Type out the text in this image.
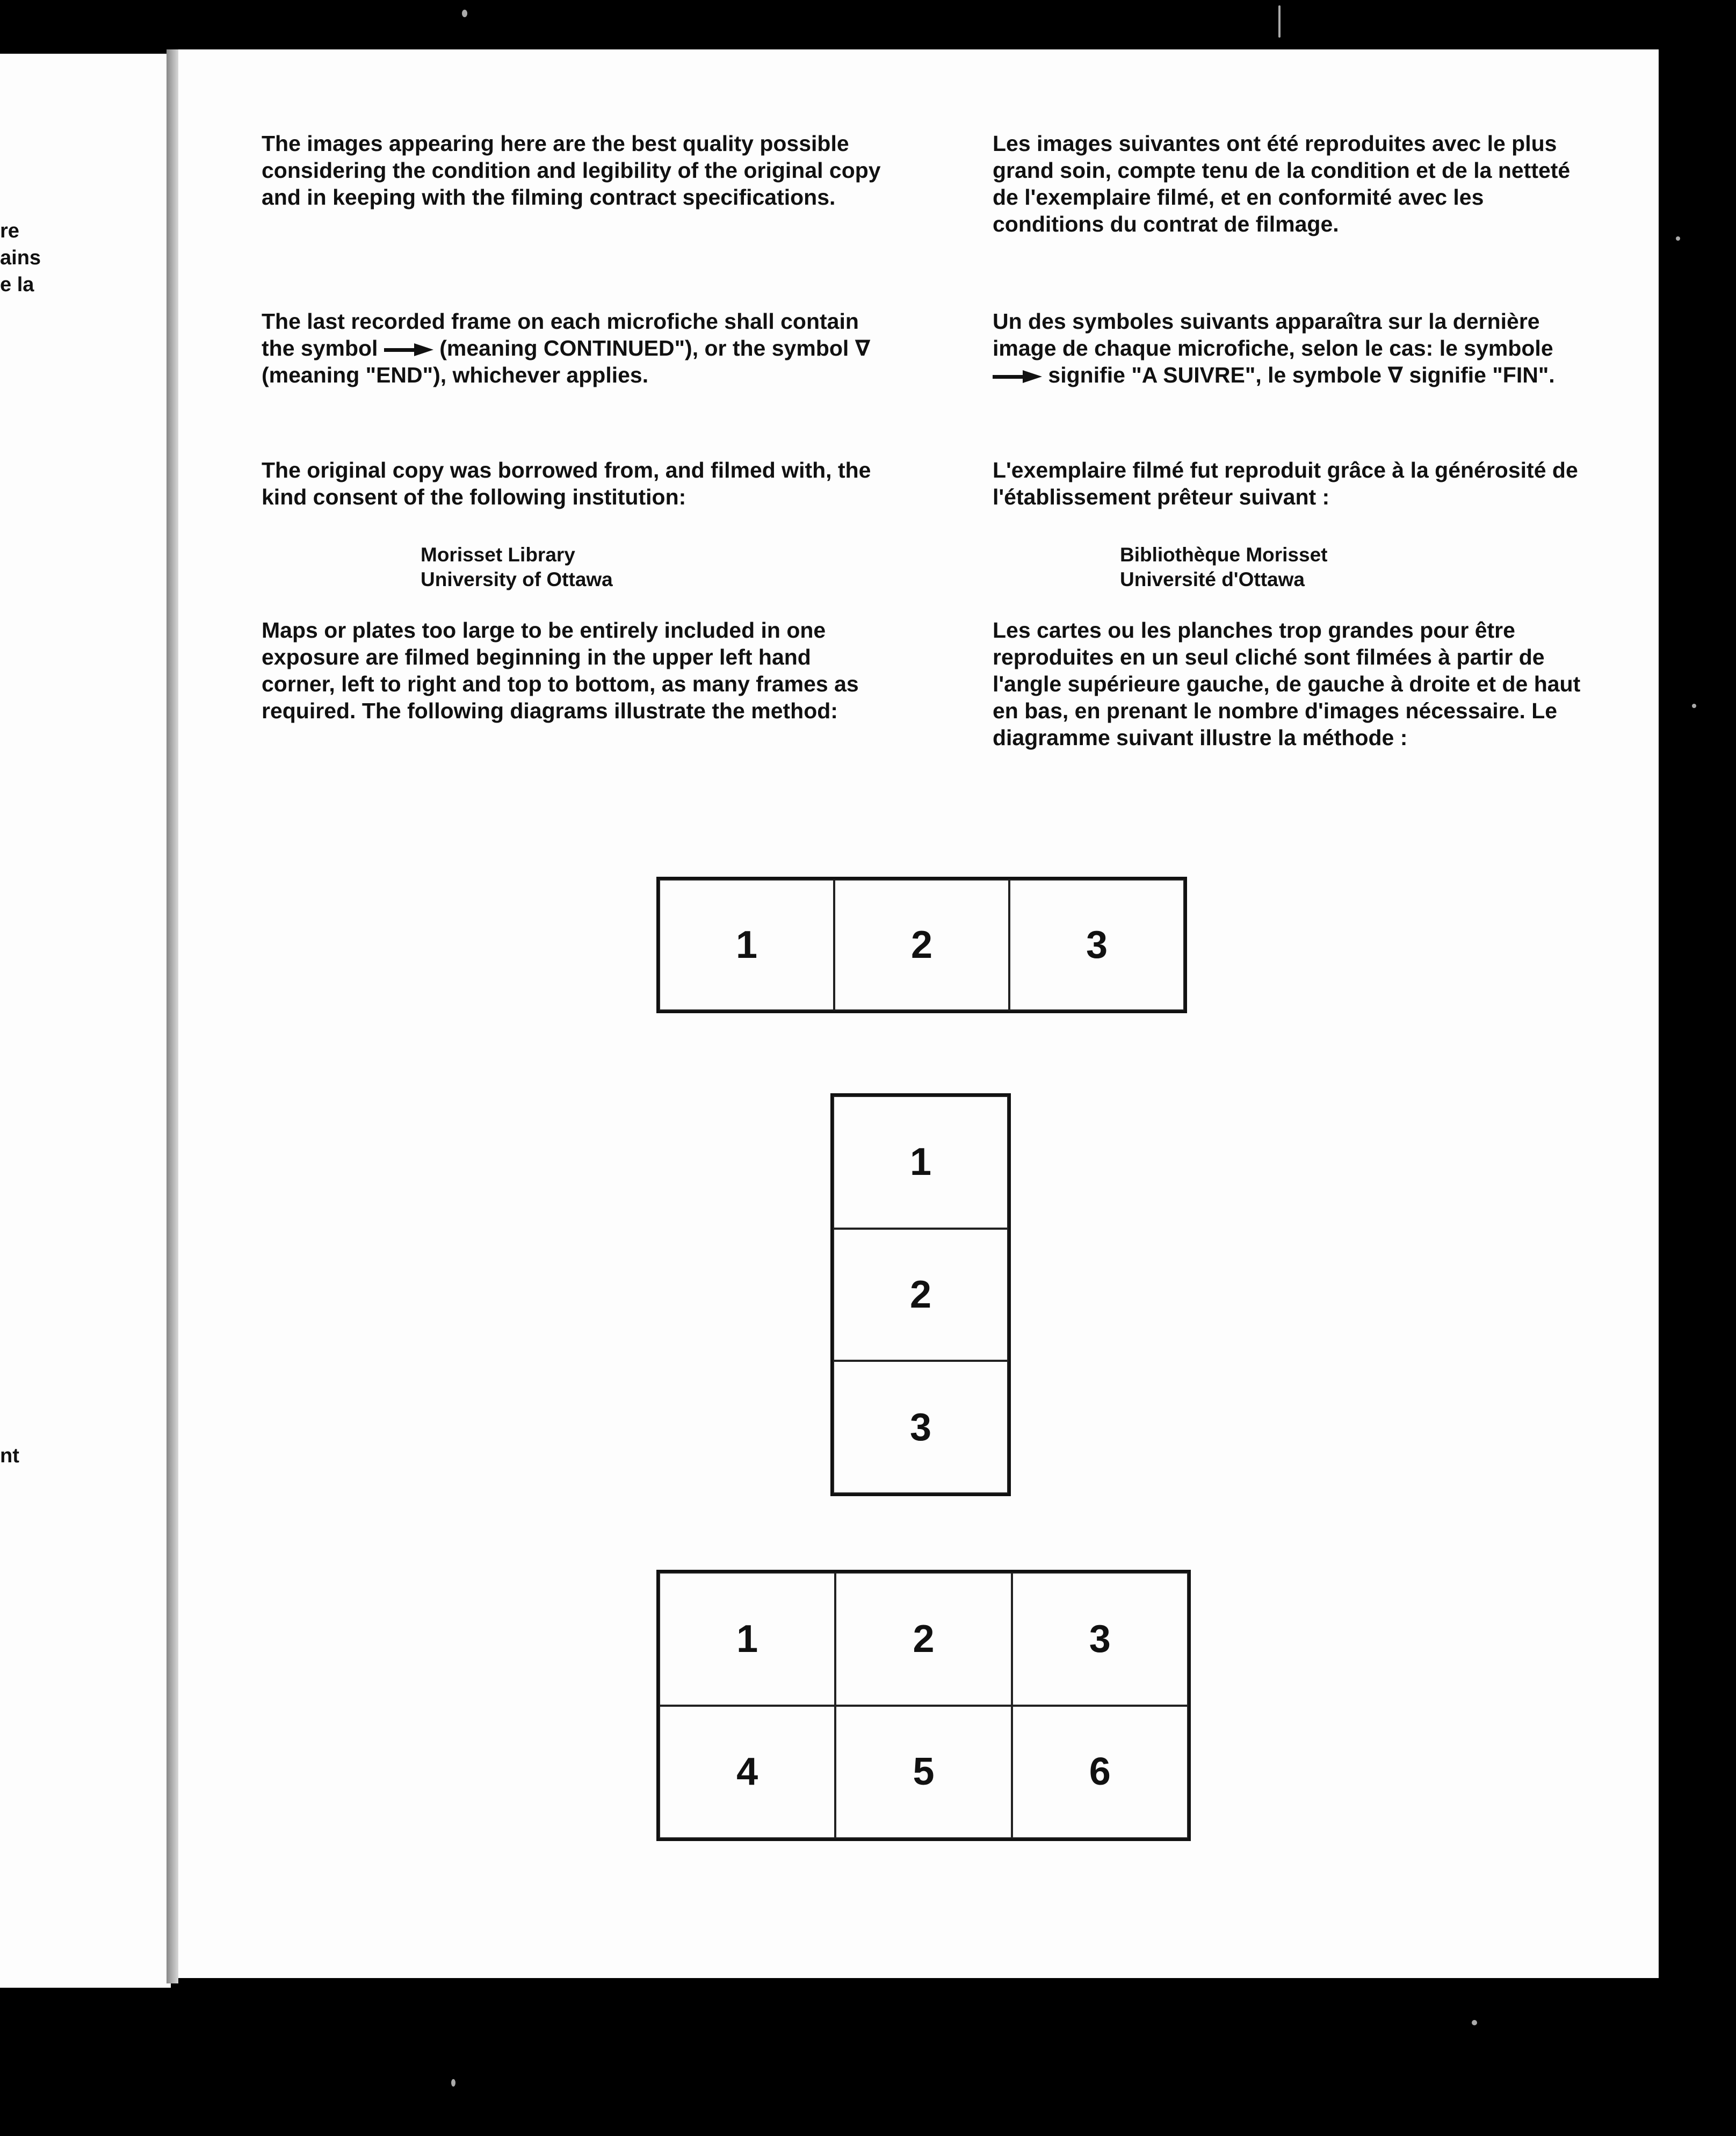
re
ains
e la
nt
The images appearing here are the best quality possible considering the condition and legibility of the original copy and in keeping with the filming contract specifications.
The last recorded frame on each microfiche shall contain the symbol	(meaning CONTINUED"), or the symbol ∇ (meaning "END"), whichever applies.
The original copy was borrowed from, and filmed with, the kind consent of the following institution:
Morisset Library
University of Ottawa
Maps or plates too large to be entirely included in one exposure are filmed beginning in the upper left hand corner, left to right and top to bottom, as many frames as required. The following diagrams illustrate the method:
Les images suivantes ont été reproduites avec le plus grand soin, compte tenu de la condition et de la netteté de l'exemplaire filmé, et en conformité avec les conditions du contrat de filmage.
Un des symboles suivants apparaîtra sur la dernière image de chaque microfiche, selon le cas: le symbole  signifie "A SUIVRE", le symbole ∇ signifie "FIN".
L'exemplaire filmé fut reproduit grâce à la générosité de l'établissement prêteur suivant :
Bibliothèque Morisset
Université d'Ottawa
Les cartes ou les planches trop grandes pour être reproduites en un seul cliché sont filmées à partir de l'angle supérieure gauche, de gauche à droite et de haut en bas, en prenant le nombre d'images nécessaire. Le diagramme suivant illustre la méthode :
1	2	3
1
2
3
1	2	3
4	5	6
